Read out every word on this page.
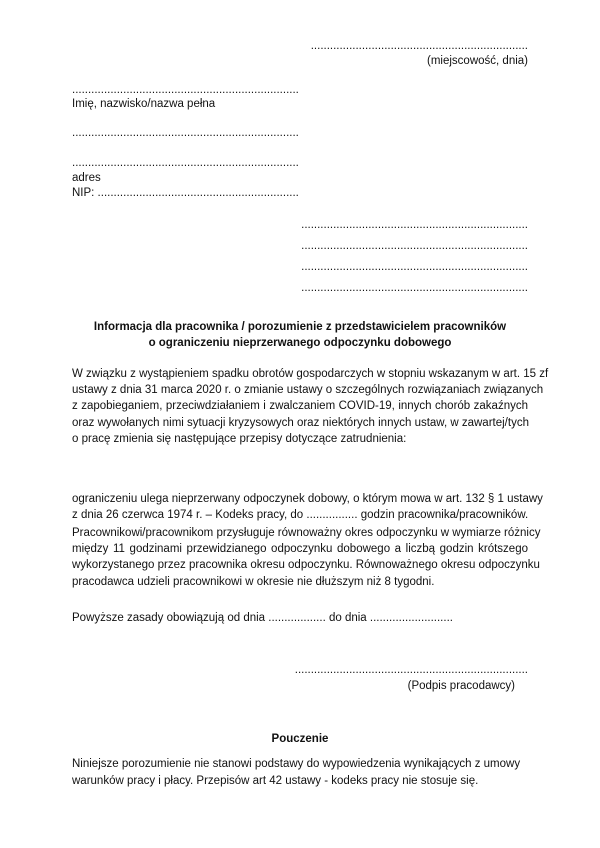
....................................................................
(miejscowość, dnia)
.......................................................................
Imię, nazwisko/nazwa pełna
.......................................................................
.......................................................................
adres
NIP: ...............................................................
.......................................................................
.......................................................................
.......................................................................
.......................................................................
Informacja dla pracownika / porozumienie z przedstawicielem pracowników
o ograniczeniu nieprzerwanego odpoczynku dobowego
W związku z wystąpieniem spadku obrotów gospodarczych w stopniu wskazanym w art. 15 zf
ustawy z dnia 31 marca 2020 r. o zmianie ustawy o szczególnych rozwiązaniach związanych
z zapobieganiem, przeciwdziałaniem i zwalczaniem COVID-19, innych chorób zakaźnych
oraz wywołanych nimi sytuacji kryzysowych oraz niektórych innych ustaw, w zawartej/tych
o pracę zmienia się następujące przepisy dotyczące zatrudnienia:
ograniczeniu ulega nieprzerwany odpoczynek dobowy, o którym mowa w art. 132 § 1 ustawy
z dnia 26 czerwca 1974 r. – Kodeks pracy, do ................ godzin pracownika/pracowników.
Pracownikowi/pracownikom przysługuje równoważny okres odpoczynku w wymiarze różnicy
między 11 godzinami przewidzianego odpoczynku dobowego a liczbą godzin krótszego
wykorzystanego przez pracownika okresu odpoczynku. Równoważnego okresu odpoczynku
pracodawca udzieli pracownikowi w okresie nie dłuższym niż 8 tygodni.
Powyższe zasady obowiązują od dnia .................. do dnia ..........................
.........................................................................
(Podpis pracodawcy)
Pouczenie
Niniejsze porozumienie nie stanowi podstawy do wypowiedzenia wynikających z umowy
warunków pracy i płacy. Przepisów art 42 ustawy - kodeks pracy nie stosuje się.
